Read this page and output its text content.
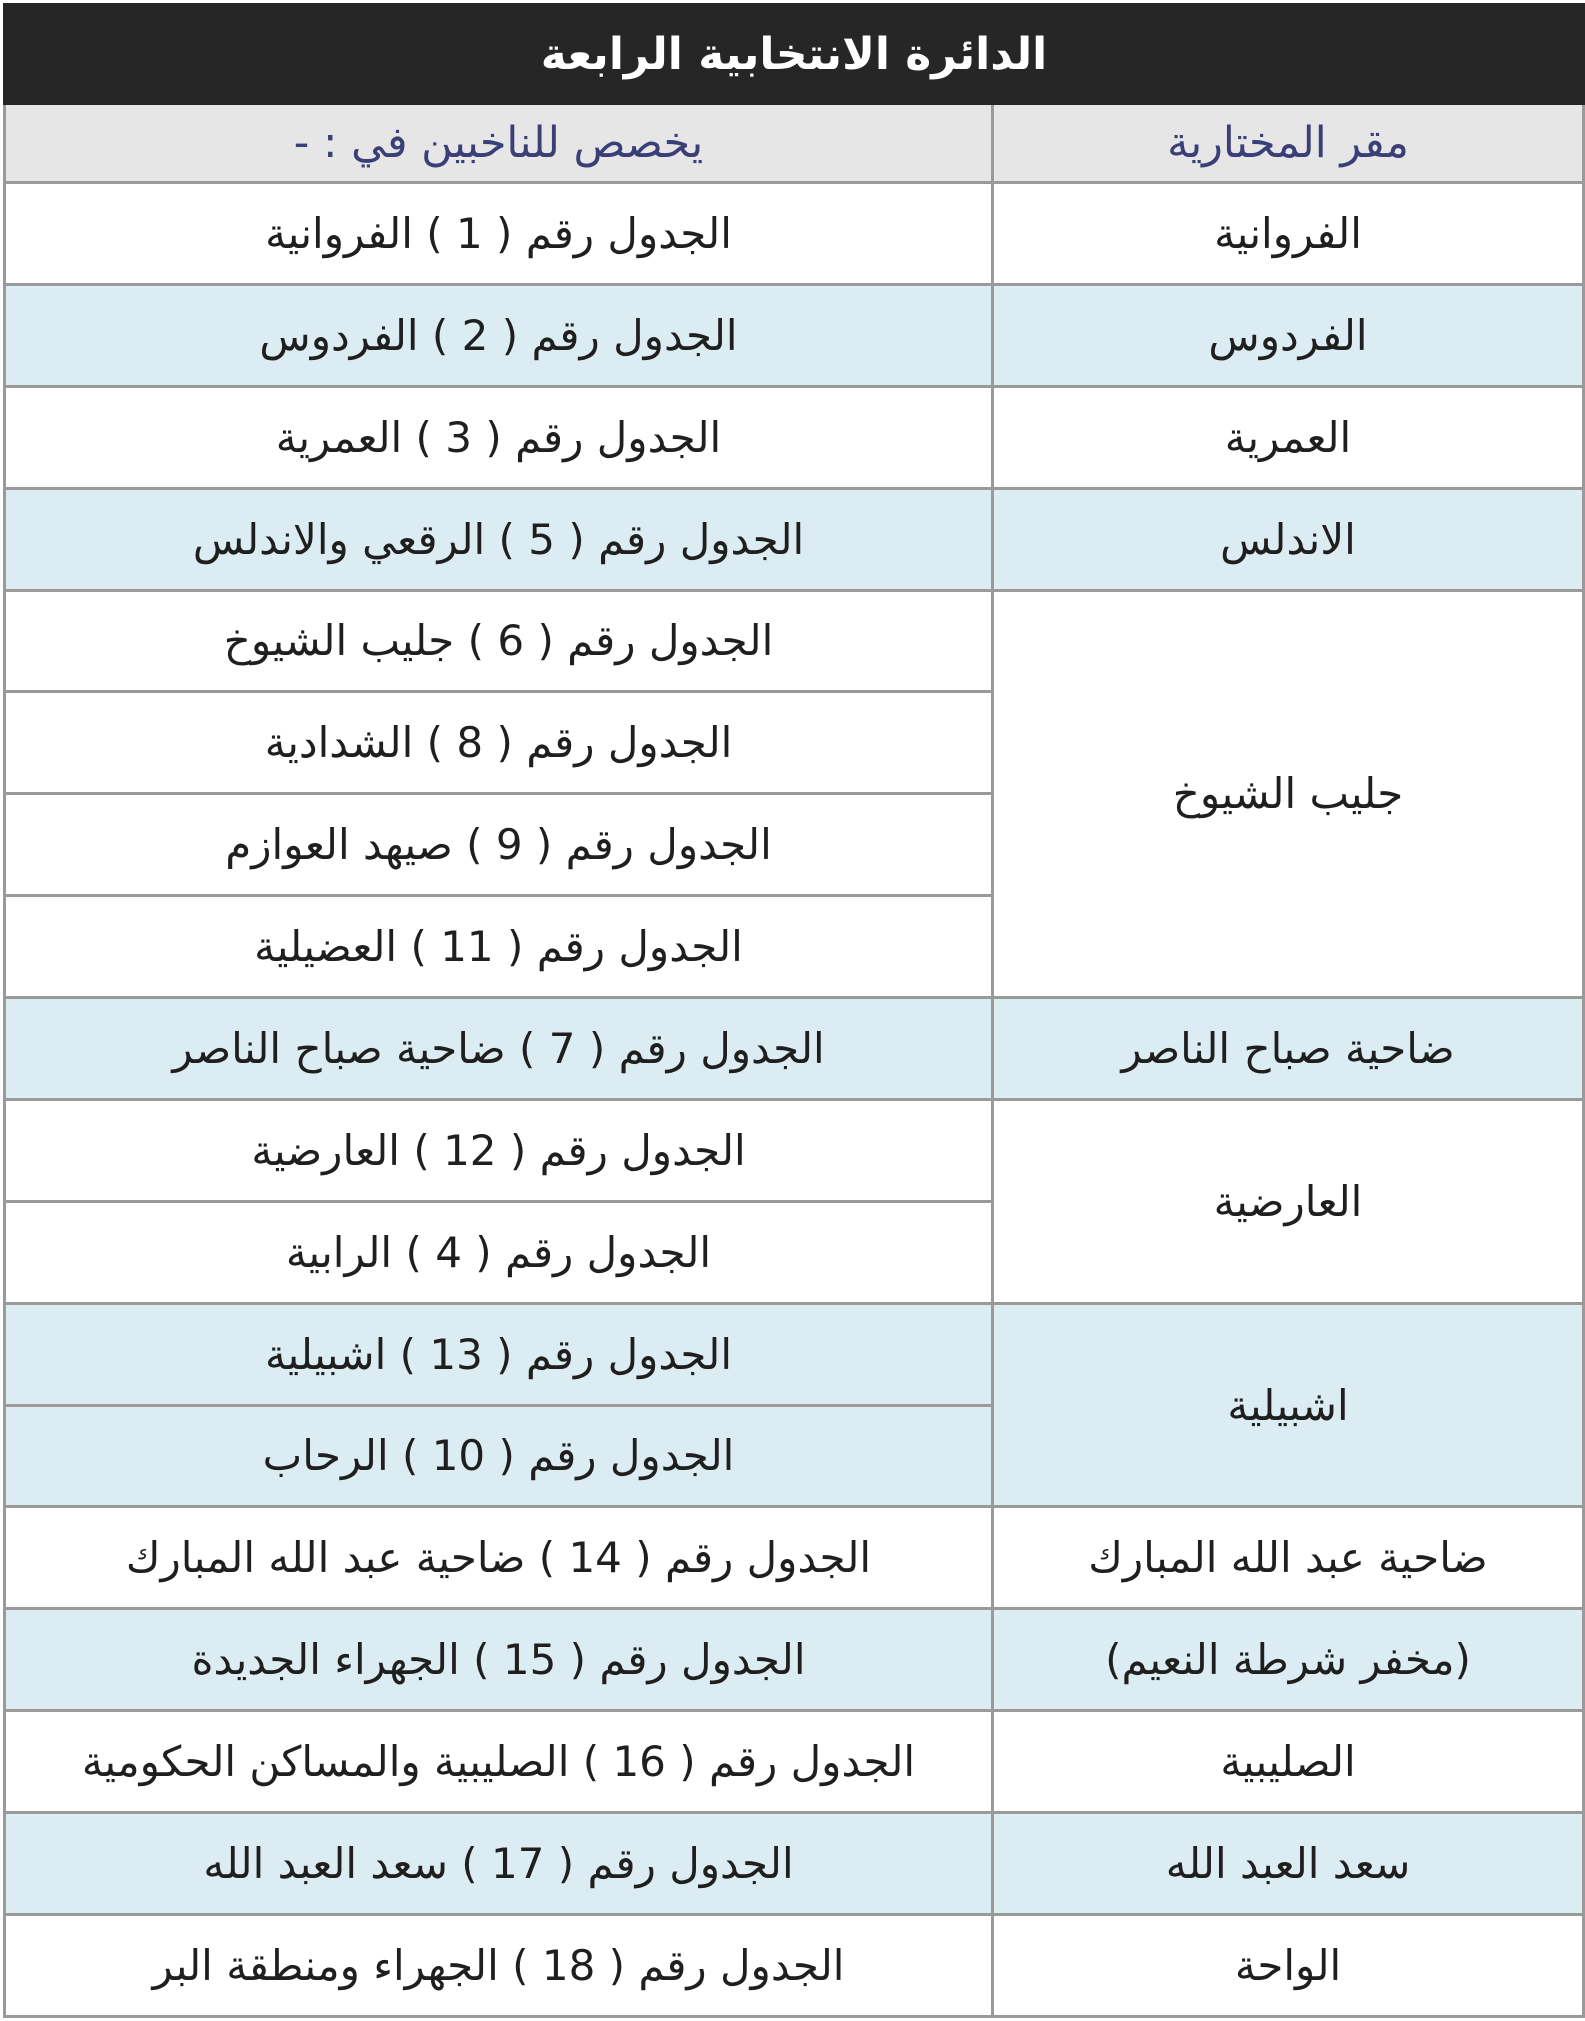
الدائرة الانتخابية الرابعة	
مقر المختارية	يخصص للناخبين في : -
الفروانية	الجدول رقم ( 1 ) الفروانية
الفردوس	الجدول رقم ( 2 ) الفردوس
العمرية	الجدول رقم ( 3 ) العمرية
الاندلس	الجدول رقم ( 5 ) الرقعي والاندلس
جليب الشيوخ	الجدول رقم ( 6 ) جليب الشيوخ
	الجدول رقم ( 8 ) الشدادية
	الجدول رقم ( 9 ) صيهد العوازم
	الجدول رقم ( 11 ) العضيلية
ضاحية صباح الناصر	الجدول رقم ( 7 ) ضاحية صباح الناصر
العارضية	الجدول رقم ( 12 ) العارضية
	الجدول رقم ( 4 ) الرابية
اشبيلية	الجدول رقم ( 13 ) اشبيلية
	الجدول رقم ( 10 ) الرحاب
ضاحية عبد الله المبارك	الجدول رقم ( 14 ) ضاحية عبد الله المبارك
(مخفر شرطة النعيم)	الجدول رقم ( 15 ) الجهراء الجديدة
الصليبية	الجدول رقم ( 16 ) الصليبية والمساكن الحكومية
سعد العبد الله	الجدول رقم ( 17 ) سعد العبد الله
الواحة	الجدول رقم ( 18 ) الجهراء ومنطقة البر
